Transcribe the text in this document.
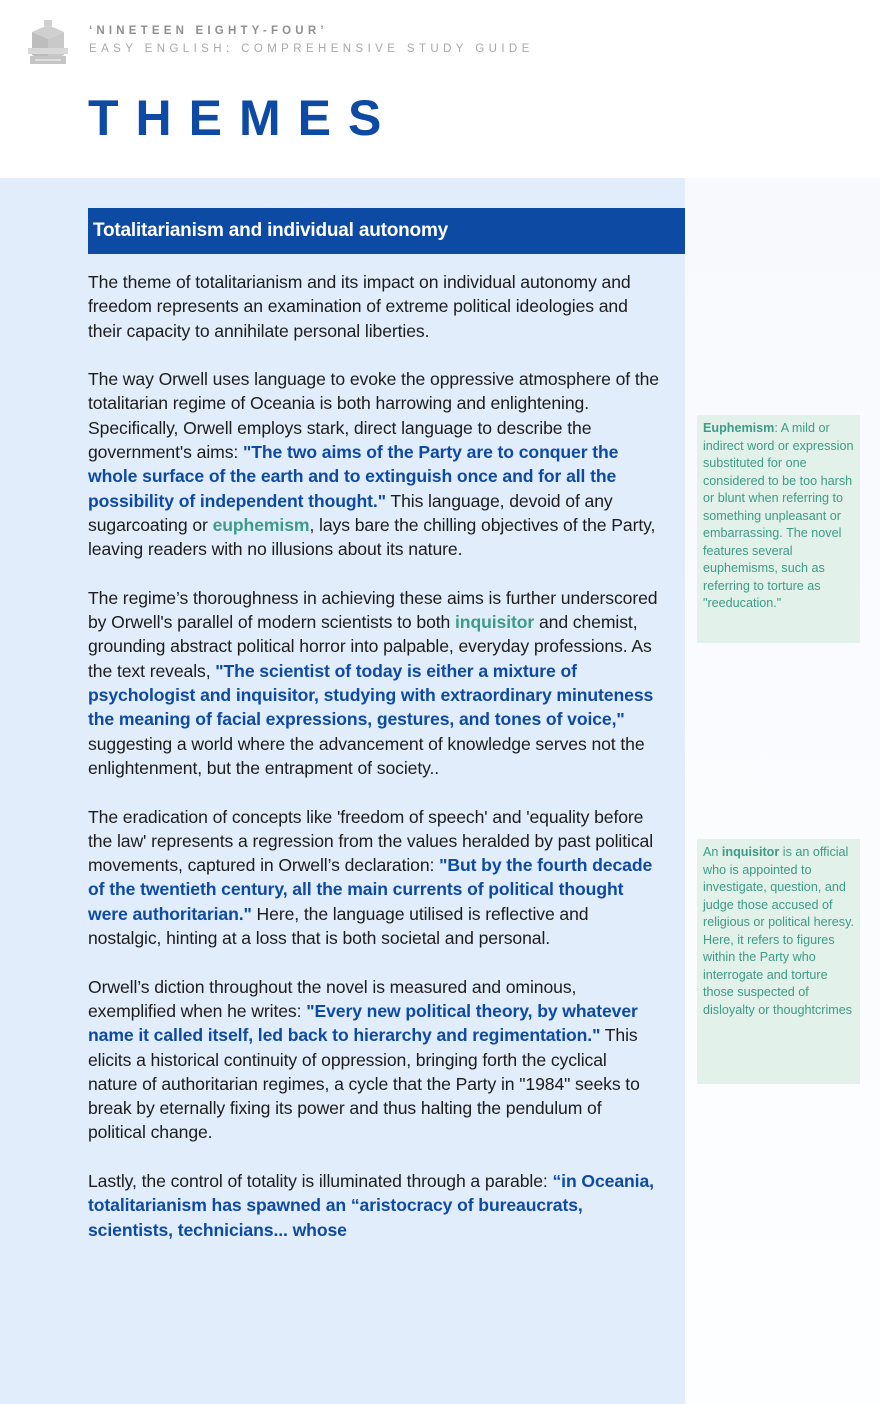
‘NINETEEN EIGHTY-FOUR’
EASY ENGLISH: COMPREHENSIVE STUDY GUIDE
THEMES
Totalitarianism and individual autonomy

The theme of totalitarianism and its impact on individual autonomy and freedom represents an examination of extreme political ideologies and their capacity to annihilate personal liberties.

The way Orwell uses language to evoke the oppressive atmosphere of the totalitarian regime of Oceania is both harrowing and enlightening. Specifically, Orwell employs stark, direct language to describe the government's aims: "The two aims of the Party are to conquer the whole surface of the earth and to extinguish once and for all the possibility of independent thought." This language, devoid of any sugarcoating or euphemism, lays bare the chilling objectives of the Party, leaving readers with no illusions about its nature.

The regime’s thoroughness in achieving these aims is further underscored by Orwell's parallel of modern scientists to both inquisitor and chemist, grounding abstract political horror into palpable, everyday professions. As the text reveals, "The scientist of today is either a mixture of psychologist and inquisitor, studying with extraordinary minuteness the meaning of facial expressions, gestures, and tones of voice," suggesting a world where the advancement of knowledge serves not the enlightenment, but the entrapment of society..

The eradication of concepts like 'freedom of speech' and 'equality before the law' represents a regression from the values heralded by past political movements, captured in Orwell’s declaration: "But by the fourth decade of the twentieth century, all the main currents of political thought were authoritarian." Here, the language utilised is reflective and nostalgic, hinting at a loss that is both societal and personal.

Orwell’s diction throughout the novel is measured and ominous, exemplified when he writes: "Every new political theory, by whatever name it called itself, led back to hierarchy and regimentation." This elicits a historical continuity of oppression, bringing forth the cyclical nature of authoritarian regimes, a cycle that the Party in "1984" seeks to break by eternally fixing its power and thus halting the pendulum of political change.

Lastly, the control of totality is illuminated through a parable: “in Oceania, totalitarianism has spawned an “aristocracy of bureaucrats, scientists, technicians... whose

Euphemism: A mild or indirect word or expression substituted for one considered to be too harsh or blunt when referring to something unpleasant or embarrassing. The novel features several euphemisms, such as referring to torture as "reeducation."
An inquisitor is an official who is appointed to investigate, question, and judge those accused of religious or political heresy. Here, it refers to figures within the Party who interrogate and torture those suspected of disloyalty or thoughtcrimes
